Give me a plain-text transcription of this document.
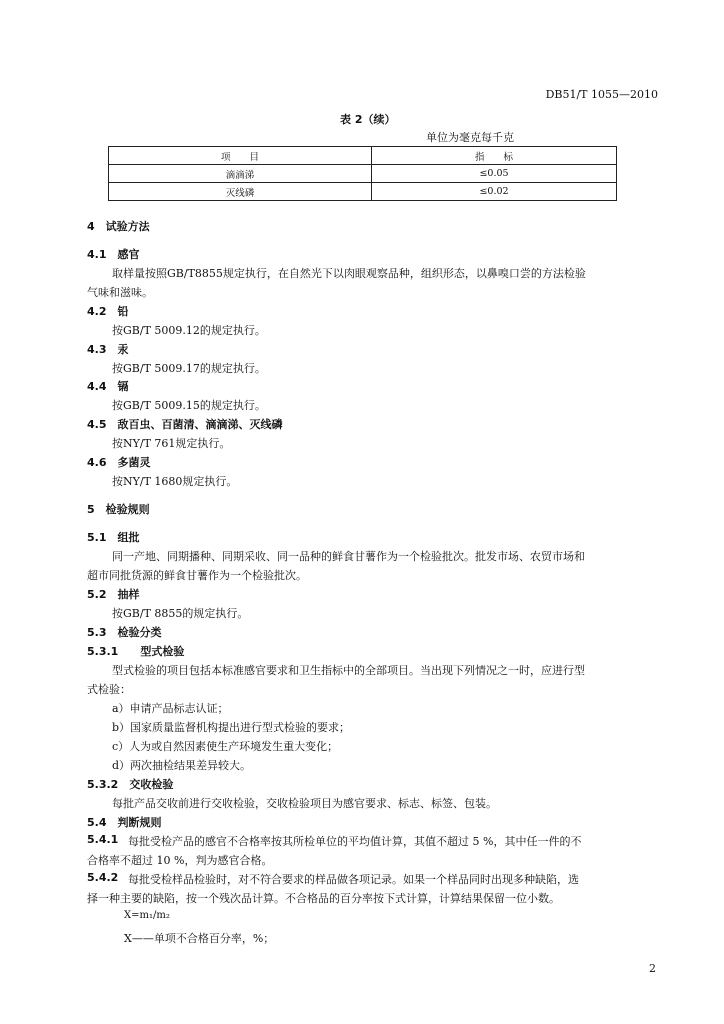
DB51/T 1055—2010
表 2（续）
单位为毫克每千克
项　　目	指　　标
滴滴涕	≤0.05
灭线磷	≤0.02
4　试验方法
4.1　感官
取样量按照GB/T8855规定执行，在自然光下以肉眼观察品种，组织形态，以鼻嗅口尝的方法检验
气味和滋味。
4.2　铅
按GB/T 5009.12的规定执行。
4.3　汞
按GB/T 5009.17的规定执行。
4.4　镉
按GB/T 5009.15的规定执行。
4.5　敌百虫、百菌清、滴滴涕、灭线磷
按NY/T 761规定执行。
4.6　多菌灵
按NY/T 1680规定执行。
5　检验规则
5.1　组批
同一产地、同期播种、同期采收、同一品种的鲜食甘薯作为一个检验批次。批发市场、农贸市场和
超市同批货源的鲜食甘薯作为一个检验批次。
5.2　抽样
按GB/T 8855的规定执行。
5.3　检验分类
5.3.1　　型式检验
型式检验的项目包括本标准感官要求和卫生指标中的全部项目。当出现下列情况之一时，应进行型
式检验：
a）申请产品标志认证；
b）国家质量监督机构提出进行型式检验的要求；
c）人为或自然因素使生产环境发生重大变化；
d）两次抽检结果差异较大。
5.3.2　交收检验
每批产品交收前进行交收检验，交收检验项目为感官要求、标志、标签、包装。
5.4　判断规则
5.4.1 每批受检产品的感官不合格率按其所检单位的平均值计算，其值不超过 5 %，其中任一件的不
合格率不超过 10 %，判为感官合格。
5.4.2 每批受检样品检验时，对不符合要求的样品做各项记录。如果一个样品同时出现多种缺陷，选
择一种主要的缺陷，按一个残次品计算。不合格品的百分率按下式计算，计算结果保留一位小数。
X=m₁/m₂
X——单项不合格百分率，%；
2
